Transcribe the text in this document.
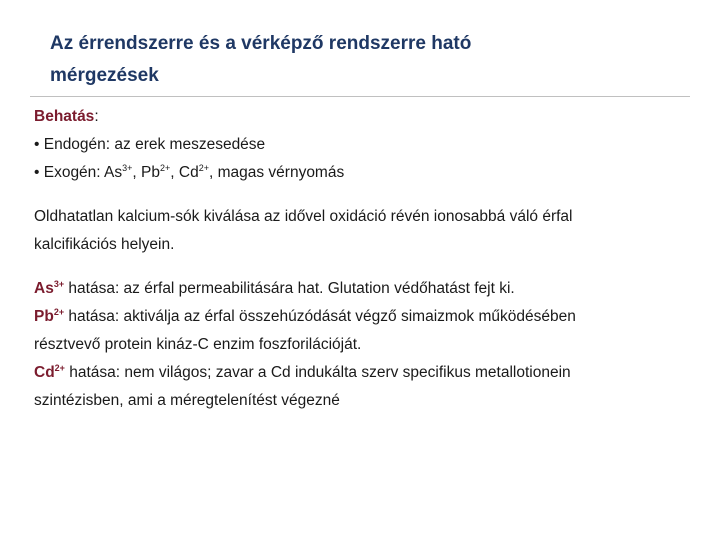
Az érrendszerre és a vérképző rendszerre ható
mérgezések
Behatás:
• Endogén: az erek meszesedése
• Exogén: $As^{3+}$, $Pb^{2+}$, $Cd^{2+}$, magas vérnyomás
Oldhatatlan kalcium-sók kiválása az idővel oxidáció révén ionosabbá váló érfal
kalcifikációs helyein.
$As^{3+}$ hatása: az érfal permeabilitására hat. Glutation védőhatást fejt ki.
$Pb^{2+}$ hatása: aktiválja az érfal összehúzódását végző simaizmok működésében
résztvevő protein kináz-C enzim foszforilációját.
$Cd^{2+}$ hatása: nem világos; zavar a Cd indukálta szerv specifikus metallotionein
szintézisben, ami a méregtelenítést végezné
